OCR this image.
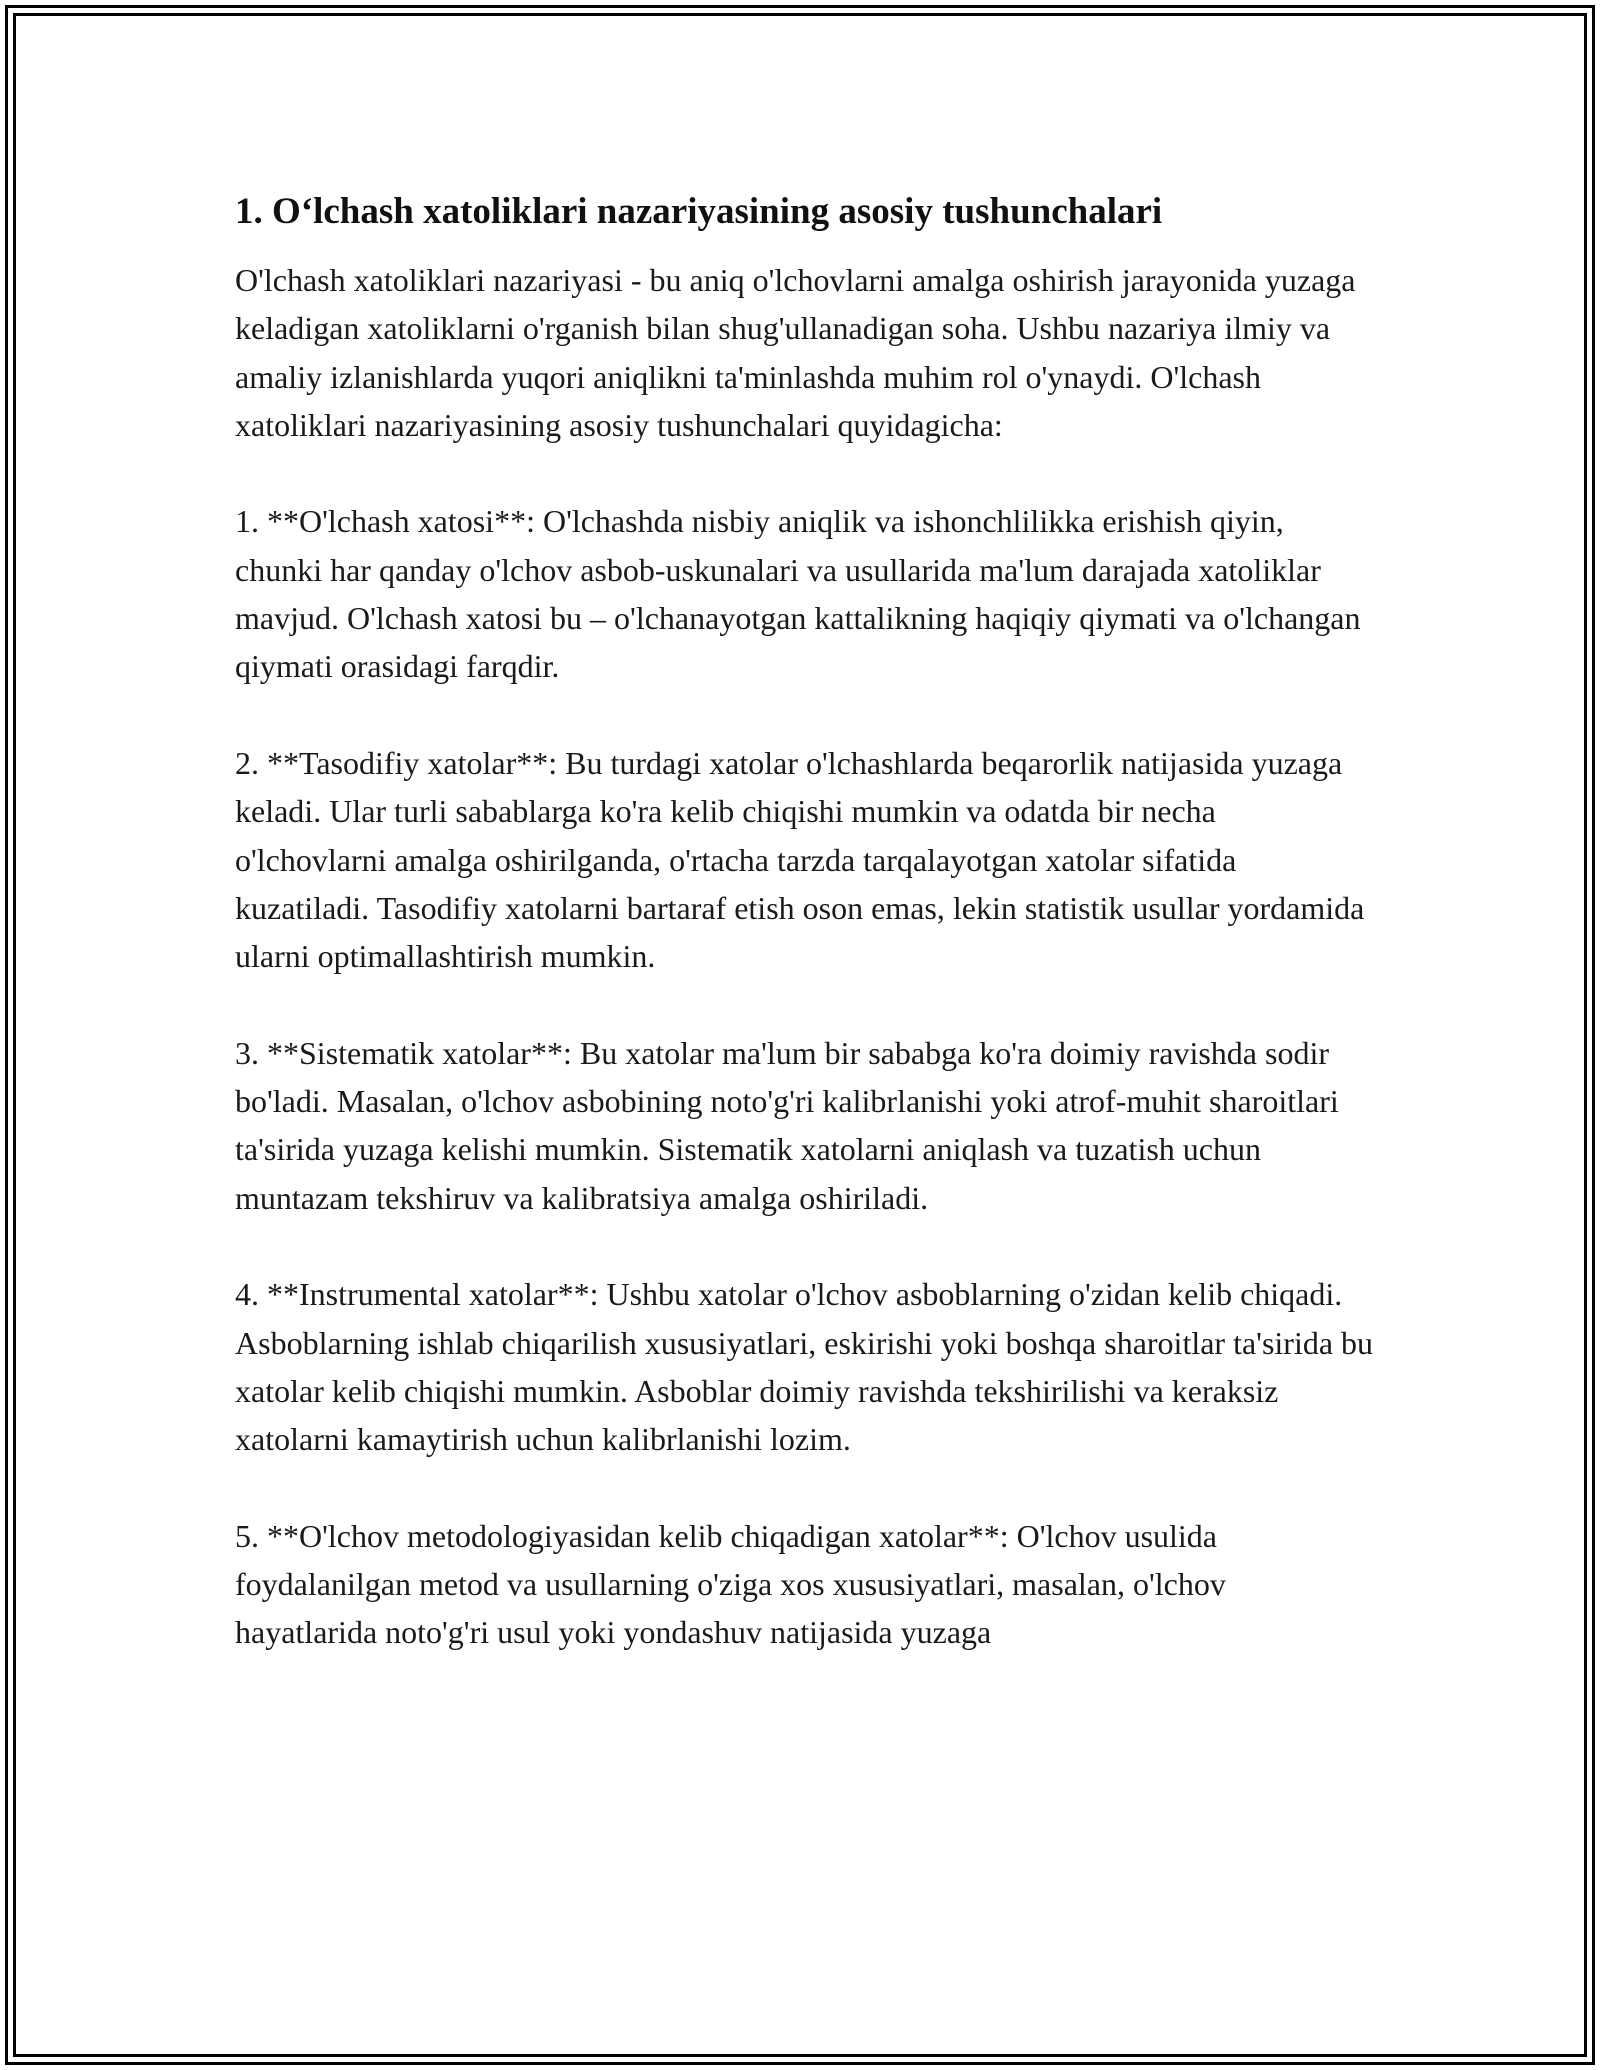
1. O‘lchash xatoliklari nazariyasining asosiy tushunchalari

O'lchash xatoliklari nazariyasi - bu aniq o'lchovlarni amalga oshirish jarayonida yuzaga keladigan xatoliklarni o'rganish bilan shug'ullanadigan soha. Ushbu nazariya ilmiy va amaliy izlanishlarda yuqori aniqlikni ta'minlashda muhim rol o'ynaydi. O'lchash xatoliklari nazariyasining asosiy tushunchalari quyidagicha:

1. **O'lchash xatosi**: O'lchashda nisbiy aniqlik va ishonchlilikka erishish qiyin, chunki har qanday o'lchov asbob-uskunalari va usullarida ma'lum darajada xatoliklar mavjud. O'lchash xatosi bu – o'lchanayotgan kattalikning haqiqiy qiymati va o'lchangan qiymati orasidagi farqdir.

2. **Tasodifiy xatolar**: Bu turdagi xatolar o'lchashlarda beqarorlik natijasida yuzaga keladi. Ular turli sabablarga ko'ra kelib chiqishi mumkin va odatda bir necha o'lchovlarni amalga oshirilganda, o'rtacha tarzda tarqalayotgan xatolar sifatida kuzatiladi. Tasodifiy xatolarni bartaraf etish oson emas, lekin statistik usullar yordamida ularni optimallashtirish mumkin.

3. **Sistematik xatolar**: Bu xatolar ma'lum bir sababga ko'ra doimiy ravishda sodir bo'ladi. Masalan, o'lchov asbobining noto'g'ri kalibrlanishi yoki atrof-muhit sharoitlari ta'sirida yuzaga kelishi mumkin. Sistematik xatolarni aniqlash va tuzatish uchun muntazam tekshiruv va kalibratsiya amalga oshiriladi.

4. **Instrumental xatolar**: Ushbu xatolar o'lchov asboblarning o'zidan kelib chiqadi. Asboblarning ishlab chiqarilish xususiyatlari, eskirishi yoki boshqa sharoitlar ta'sirida bu xatolar kelib chiqishi mumkin. Asboblar doimiy ravishda tekshirilishi va keraksiz xatolarni kamaytirish uchun kalibrlanishi lozim.

5. **O'lchov metodologiyasidan kelib chiqadigan xatolar**: O'lchov usulida foydalanilgan metod va usullarning o'ziga xos xususiyatlari, masalan, o'lchov hayatlarida noto'g'ri usul yoki yondashuv natijasida yuzaga
